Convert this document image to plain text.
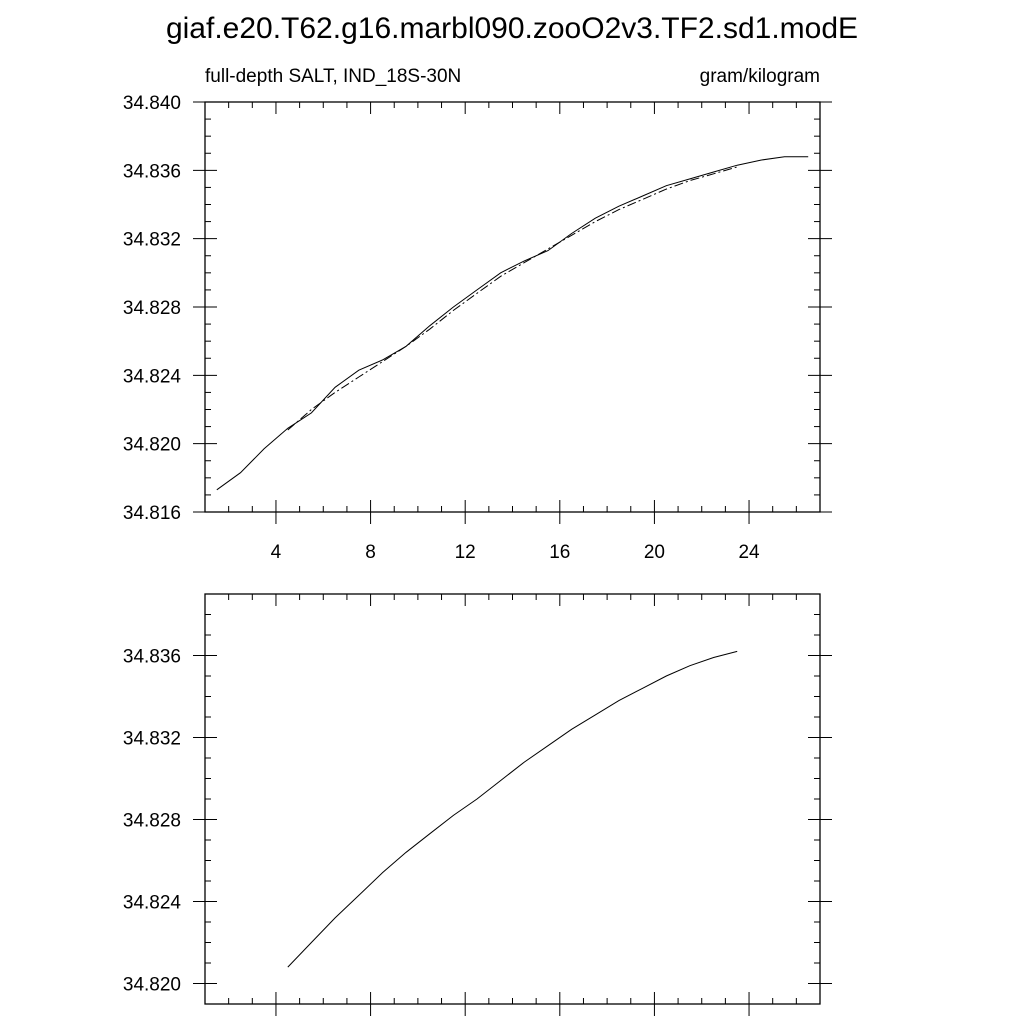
giaf.e20.T62.g16.marbl090.zooO2v3.TF2.sd1.modE
full-depth SALT, IND_18S-30N	gram/kilogram
4	8	12	16	20	24
34.816
34.820
34.824
34.828
34.832
34.836
34.840
34.820
34.824
34.828
34.832
34.836
